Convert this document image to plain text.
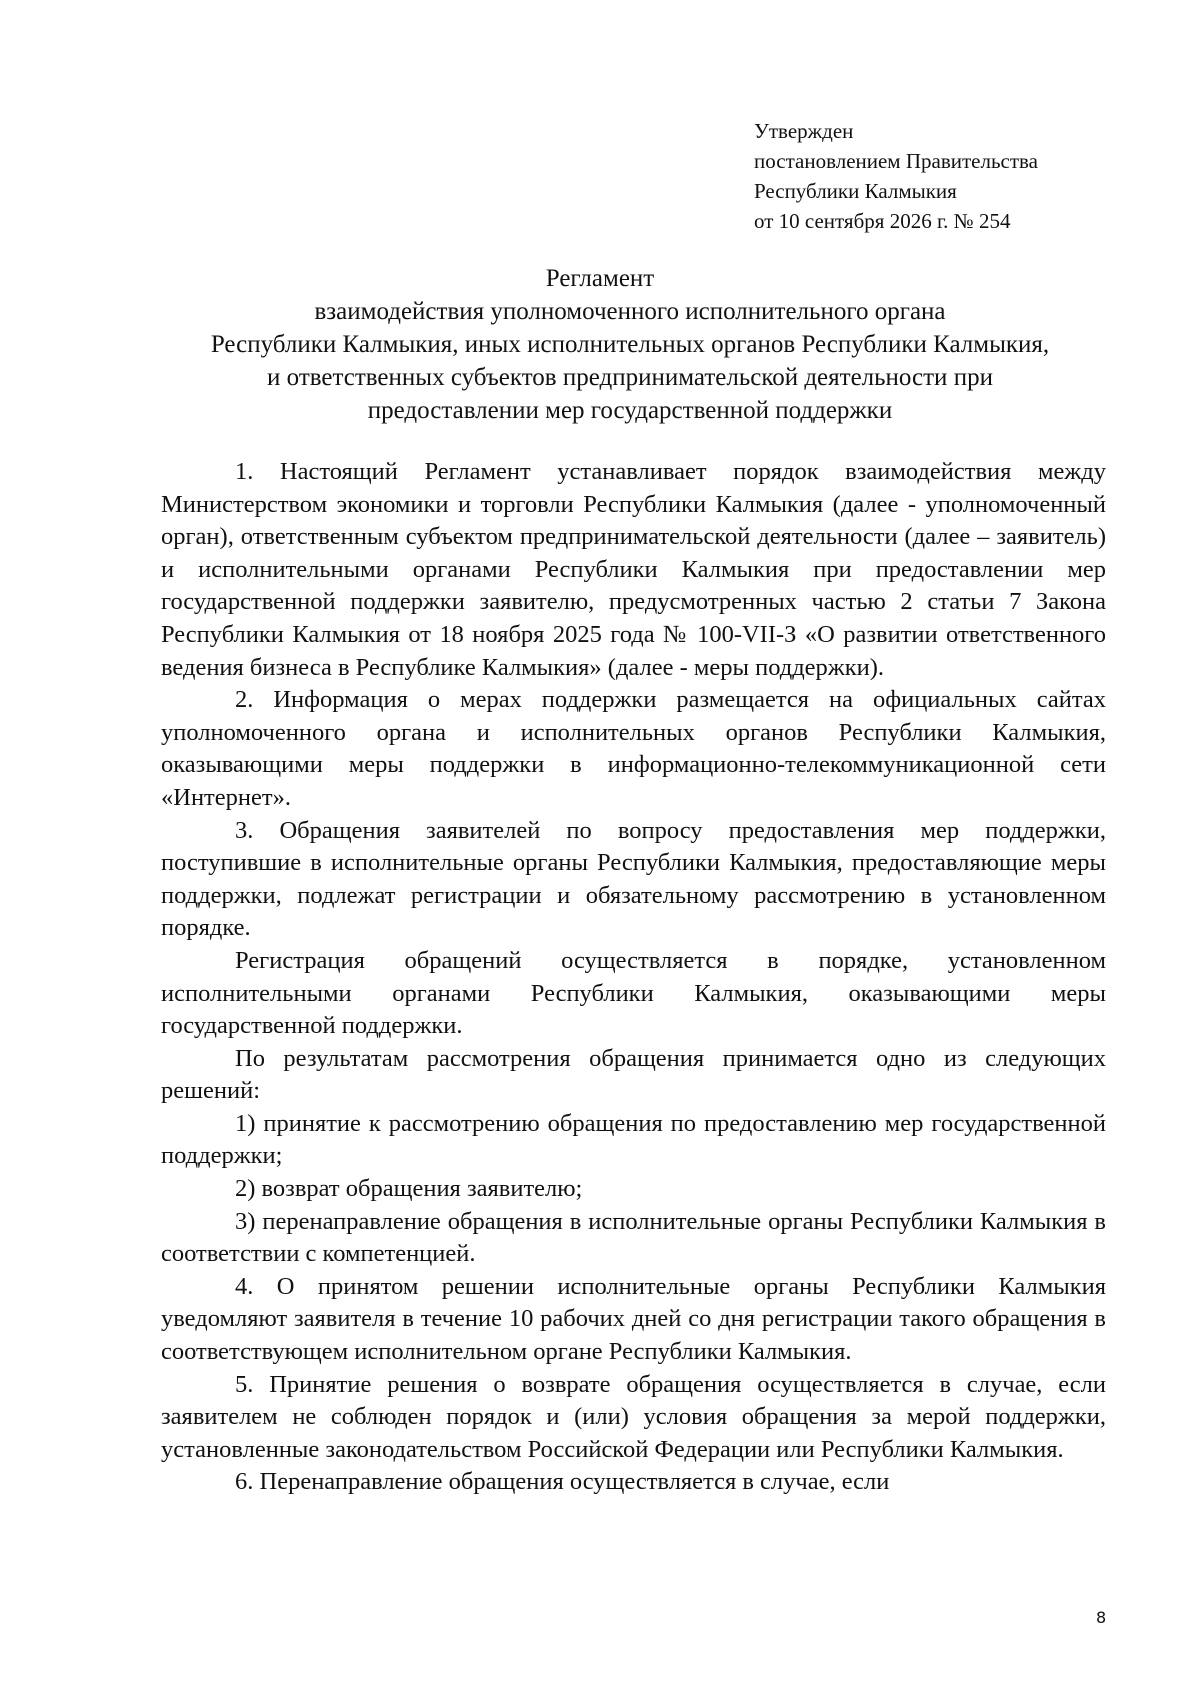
Утвержден
постановлением Правительства
Республики Калмыкия
от 10 сентября 2026 г. № 254
Регламент
взаимодействия уполномоченного исполнительного органа
Республики Калмыкия, иных исполнительных органов Республики Калмыкия,
и ответственных субъектов предпринимательской деятельности при
предоставлении мер государственной поддержки

1. Настоящий Регламент устанавливает порядок взаимодействия между Министерством экономики и торговли Республики Калмыкия (далее - уполномоченный орган), ответственным субъектом предпринимательской деятельности (далее – заявитель) и исполнительными органами Республики Калмыкия при предоставлении мер государственной поддержки заявителю, предусмотренных частью 2 статьи 7 Закона Республики Калмыкия от 18 ноября 2025 года № 100-VII-З «О развитии ответственного ведения бизнеса в Республике Калмыкия» (далее - меры поддержки).

2. Информация о мерах поддержки размещается на официальных сайтах уполномоченного органа и исполнительных органов Республики Калмыкия, оказывающими меры поддержки в информационно-телекоммуникационной сети «Интернет».

3. Обращения заявителей по вопросу предоставления мер поддержки, поступившие в исполнительные органы Республики Калмыкия, предоставляющие меры поддержки, подлежат регистрации и обязательному рассмотрению в установленном порядке.

Регистрация обращений осуществляется в порядке, установленном исполнительными органами Республики Калмыкия, оказывающими меры государственной поддержки.

По результатам рассмотрения обращения принимается одно из следующих решений:

1) принятие к рассмотрению обращения по предоставлению мер государственной поддержки;

2) возврат обращения заявителю;

3) перенаправление обращения в исполнительные органы Республики Калмыкия в соответствии с компетенцией.

4. О принятом решении исполнительные органы Республики Калмыкия уведомляют заявителя в течение 10 рабочих дней со дня регистрации такого обращения в соответствующем исполнительном органе Республики Калмыкия.

5. Принятие решения о возврате обращения осуществляется в случае, если заявителем не соблюден порядок и (или) условия обращения за мерой поддержки, установленные законодательством Российской Федерации или Республики Калмыкия.

6. Перенаправление обращения осуществляется в случае, если

8
